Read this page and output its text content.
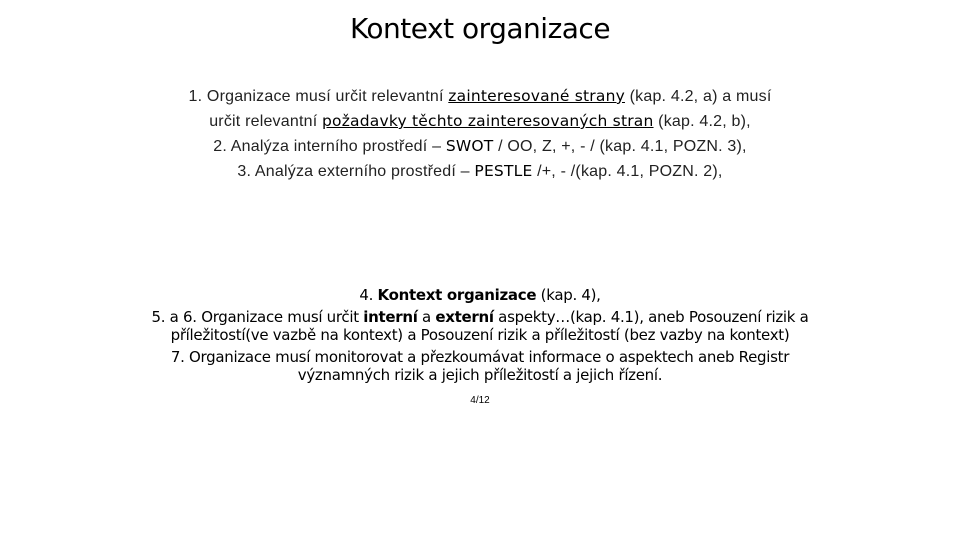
Kontext organizace
1. Organizace musí určit relevantní zainteresované strany (kap. 4.2, a) a musí
určit relevantní požadavky těchto zainteresovaných stran (kap. 4.2, b),
2. Analýza interního prostředí – SWOT / OO, Z, +, - / (kap. 4.1, POZN. 3),
3. Analýza externího prostředí – PESTLE /+, - /(kap. 4.1, POZN. 2),
4. Kontext organizace (kap. 4),
5. a 6. Organizace musí určit interní a externí aspekty…(kap. 4.1), aneb Posouzení rizik a
příležitostí(ve vazbě na kontext) a Posouzení rizik a příležitostí (bez vazby na kontext)
7. Organizace musí monitorovat a přezkoumávat informace o aspektech aneb Registr
významných rizik a jejich příležitostí a jejich řízení.
4/12
